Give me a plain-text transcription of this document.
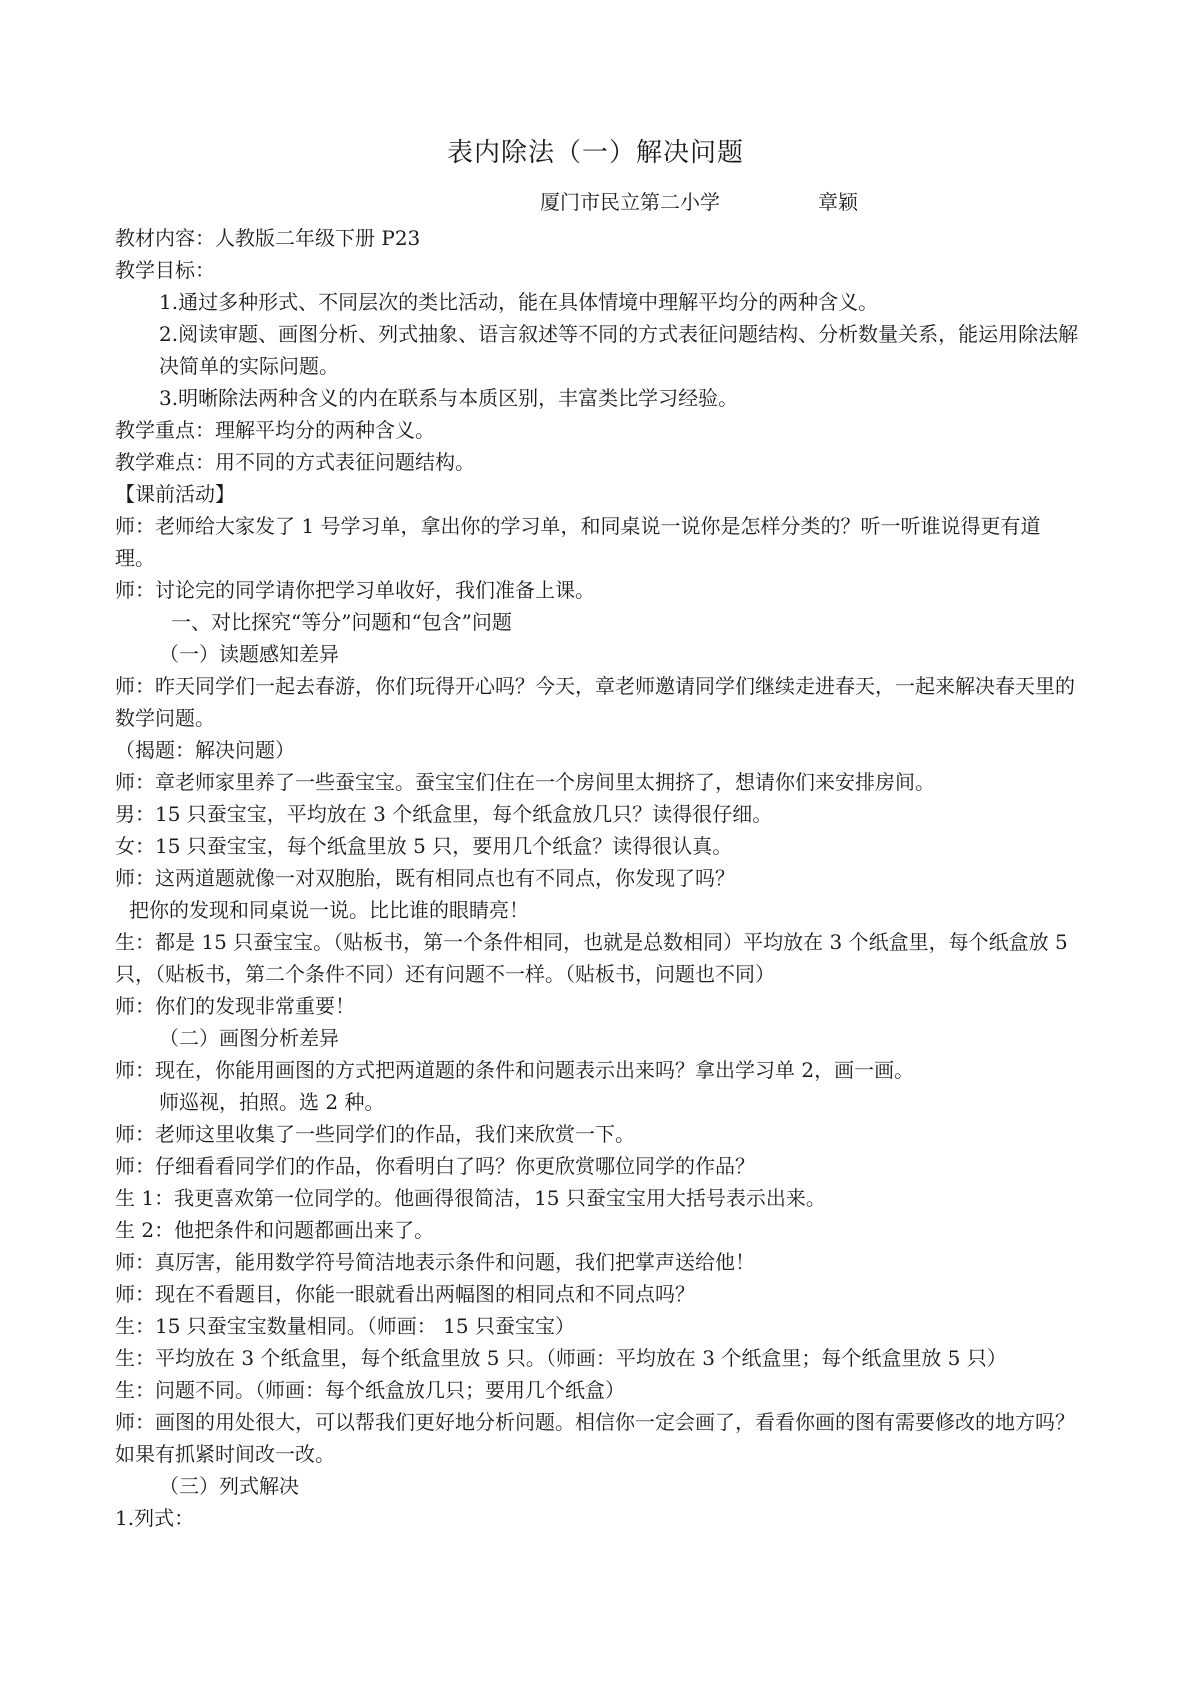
表内除法（一）解决问题
厦门市民立第二小学	章颖

教材内容：人教版二年级下册 P23

教学目标：

1.通过多种形式、不同层次的类比活动，能在具体情境中理解平均分的两种含义。

2.阅读审题、画图分析、列式抽象、语言叙述等不同的方式表征问题结构、分析数量关系，能运用除法解决简单的实际问题。

3.明晰除法两种含义的内在联系与本质区别，丰富类比学习经验。

教学重点：理解平均分的两种含义。

教学难点：用不同的方式表征问题结构。

【课前活动】

师：老师给大家发了 1 号学习单，拿出你的学习单，和同桌说一说你是怎样分类的？听一听谁说得更有道理。

师：讨论完的同学请你把学习单收好，我们准备上课。

一、对比探究“等分”问题和“包含”问题

（一）读题感知差异

师：昨天同学们一起去春游，你们玩得开心吗？今天，章老师邀请同学们继续走进春天，一起来解决春天里的数学问题。

（揭题：解决问题）

师：章老师家里养了一些蚕宝宝。蚕宝宝们住在一个房间里太拥挤了，想请你们来安排房间。

男：15 只蚕宝宝，平均放在 3 个纸盒里，每个纸盒放几只？读得很仔细。

女：15 只蚕宝宝，每个纸盒里放 5 只，要用几个纸盒？读得很认真。

师：这两道题就像一对双胞胎，既有相同点也有不同点，你发现了吗？

把你的发现和同桌说一说。比比谁的眼睛亮！

生：都是 15 只蚕宝宝。（贴板书，第一个条件相同，也就是总数相同）平均放在 3 个纸盒里，每个纸盒放 5 只，（贴板书，第二个条件不同）还有问题不一样。（贴板书，问题也不同）

师：你们的发现非常重要！

（二）画图分析差异

师：现在，你能用画图的方式把两道题的条件和问题表示出来吗？拿出学习单 2，画一画。

师巡视，拍照。选 2 种。

师：老师这里收集了一些同学们的作品，我们来欣赏一下。

师：仔细看看同学们的作品，你看明白了吗？你更欣赏哪位同学的作品？

生 1：我更喜欢第一位同学的。他画得很简洁，15 只蚕宝宝用大括号表示出来。

生 2：他把条件和问题都画出来了。

师：真厉害，能用数学符号简洁地表示条件和问题，我们把掌声送给他！

师：现在不看题目，你能一眼就看出两幅图的相同点和不同点吗？

生：15 只蚕宝宝数量相同。（师画： 15 只蚕宝宝）

生：平均放在 3 个纸盒里，每个纸盒里放 5 只。（师画：平均放在 3 个纸盒里；每个纸盒里放 5 只）

生：问题不同。（师画：每个纸盒放几只；要用几个纸盒）

师：画图的用处很大，可以帮我们更好地分析问题。相信你一定会画了，看看你画的图有需要修改的地方吗？如果有抓紧时间改一改。

（三）列式解决

1.列式：
